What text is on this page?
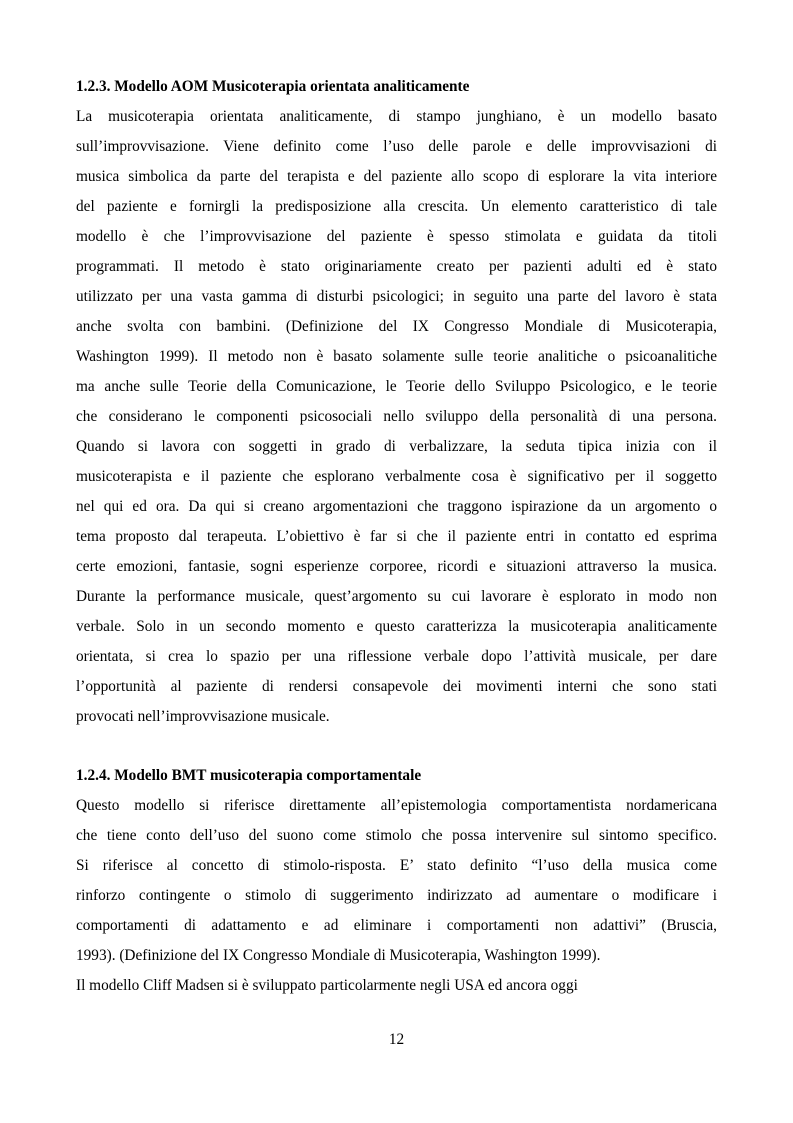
1.2.3. Modello AOM Musicoterapia orientata analiticamente
La musicoterapia orientata analiticamente, di stampo junghiano, è un modello basato
sull’improvvisazione. Viene definito come l’uso delle parole e delle improvvisazioni di
musica simbolica da parte del terapista e del paziente allo scopo di esplorare la vita interiore
del paziente e fornirgli la predisposizione alla crescita. Un elemento caratteristico di tale
modello è che l’improvvisazione del paziente è spesso stimolata e guidata da titoli
programmati. Il metodo è stato originariamente creato per pazienti adulti ed è stato
utilizzato per una vasta gamma di disturbi psicologici; in seguito una parte del lavoro è stata
anche svolta con bambini. (Definizione del IX Congresso Mondiale di Musicoterapia,
Washington 1999). Il metodo non è basato solamente sulle teorie analitiche o psicoanalitiche
ma anche sulle Teorie della Comunicazione, le Teorie dello Sviluppo Psicologico, e le teorie
che considerano le componenti psicosociali nello sviluppo della personalità di una persona.
Quando si lavora con soggetti in grado di verbalizzare, la seduta tipica inizia con il
musicoterapista e il paziente che esplorano verbalmente cosa è significativo per il soggetto
nel qui ed ora. Da qui si creano argomentazioni che traggono ispirazione da un argomento o
tema proposto dal terapeuta. L’obiettivo è far si che il paziente entri in contatto ed esprima
certe emozioni, fantasie, sogni esperienze corporee, ricordi e situazioni attraverso la musica.
Durante la performance musicale, quest’argomento su cui lavorare è esplorato in modo non
verbale. Solo in un secondo momento e questo caratterizza la musicoterapia analiticamente
orientata, si crea lo spazio per una riflessione verbale dopo l’attività musicale, per dare
l’opportunità al paziente di rendersi consapevole dei movimenti interni che sono stati
provocati nell’improvvisazione musicale.
1.2.4. Modello BMT musicoterapia comportamentale
Questo modello si riferisce direttamente all’epistemologia comportamentista nordamericana
che tiene conto dell’uso del suono come stimolo che possa intervenire sul sintomo specifico.
Si riferisce al concetto di stimolo-risposta. E’ stato definito “l’uso della musica come
rinforzo contingente o stimolo di suggerimento indirizzato ad aumentare o modificare i
comportamenti di adattamento e ad eliminare i comportamenti non adattivi” (Bruscia,
1993). (Definizione del IX Congresso Mondiale di Musicoterapia, Washington 1999).
Il modello Cliff Madsen si è sviluppato particolarmente negli USA ed ancora oggi
12
